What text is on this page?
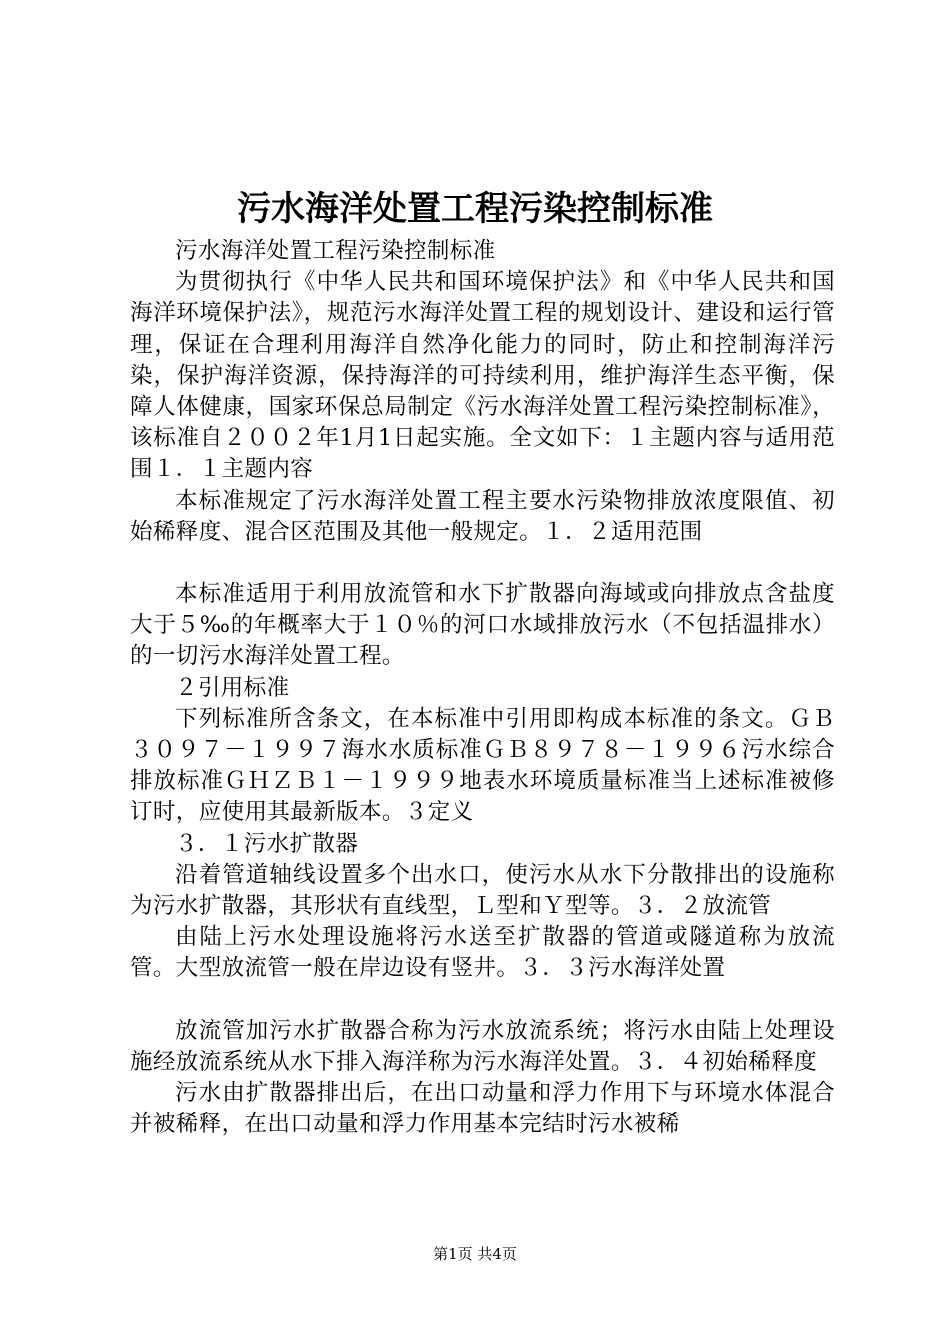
污水海洋处置工程污染控制标准

污水海洋处置工程污染控制标准

为贯彻执行《中华人民共和国环境保护法》和《中华人民共和国海洋环境保护法》，规范污水海洋处置工程的规划设计、建设和运行管理，保证在合理利用海洋自然净化能力的同时，防止和控制海洋污染，保护海洋资源，保持海洋的可持续利用，维护海洋生态平衡，保障人体健康，国家环保总局制定《污水海洋处置工程污染控制标准》，该标准自２００２年1月1日起实施。全文如下：１主题内容与适用范围１．１主题内容

本标准规定了污水海洋处置工程主要水污染物排放浓度限值、初始稀释度、混合区范围及其他一般规定。１．２适用范围

本标准适用于利用放流管和水下扩散器向海域或向排放点含盐度大于５‰的年概率大于１０％的河口水域排放污水（不包括温排水）的一切污水海洋处置工程。

２引用标准

下列标准所含条文，在本标准中引用即构成本标准的条文。ＧＢ３０９７－１９９７海水水质标准ＧＢ８９７８－１９９６污水综合排放标准ＧＨＺＢ１－１９９９地表水环境质量标准当上述标准被修订时，应使用其最新版本。３定义

３．１污水扩散器

沿着管道轴线设置多个出水口，使污水从水下分散排出的设施称为污水扩散器，其形状有直线型，Ｌ型和Ｙ型等。３．２放流管

由陆上污水处理设施将污水送至扩散器的管道或隧道称为放流管。大型放流管一般在岸边设有竖井。３．３污水海洋处置

放流管加污水扩散器合称为污水放流系统；将污水由陆上处理设施经放流系统从水下排入海洋称为污水海洋处置。３．４初始稀释度

污水由扩散器排出后，在出口动量和浮力作用下与环境水体混合并被稀释，在出口动量和浮力作用基本完结时污水被稀

第1页 共4页
